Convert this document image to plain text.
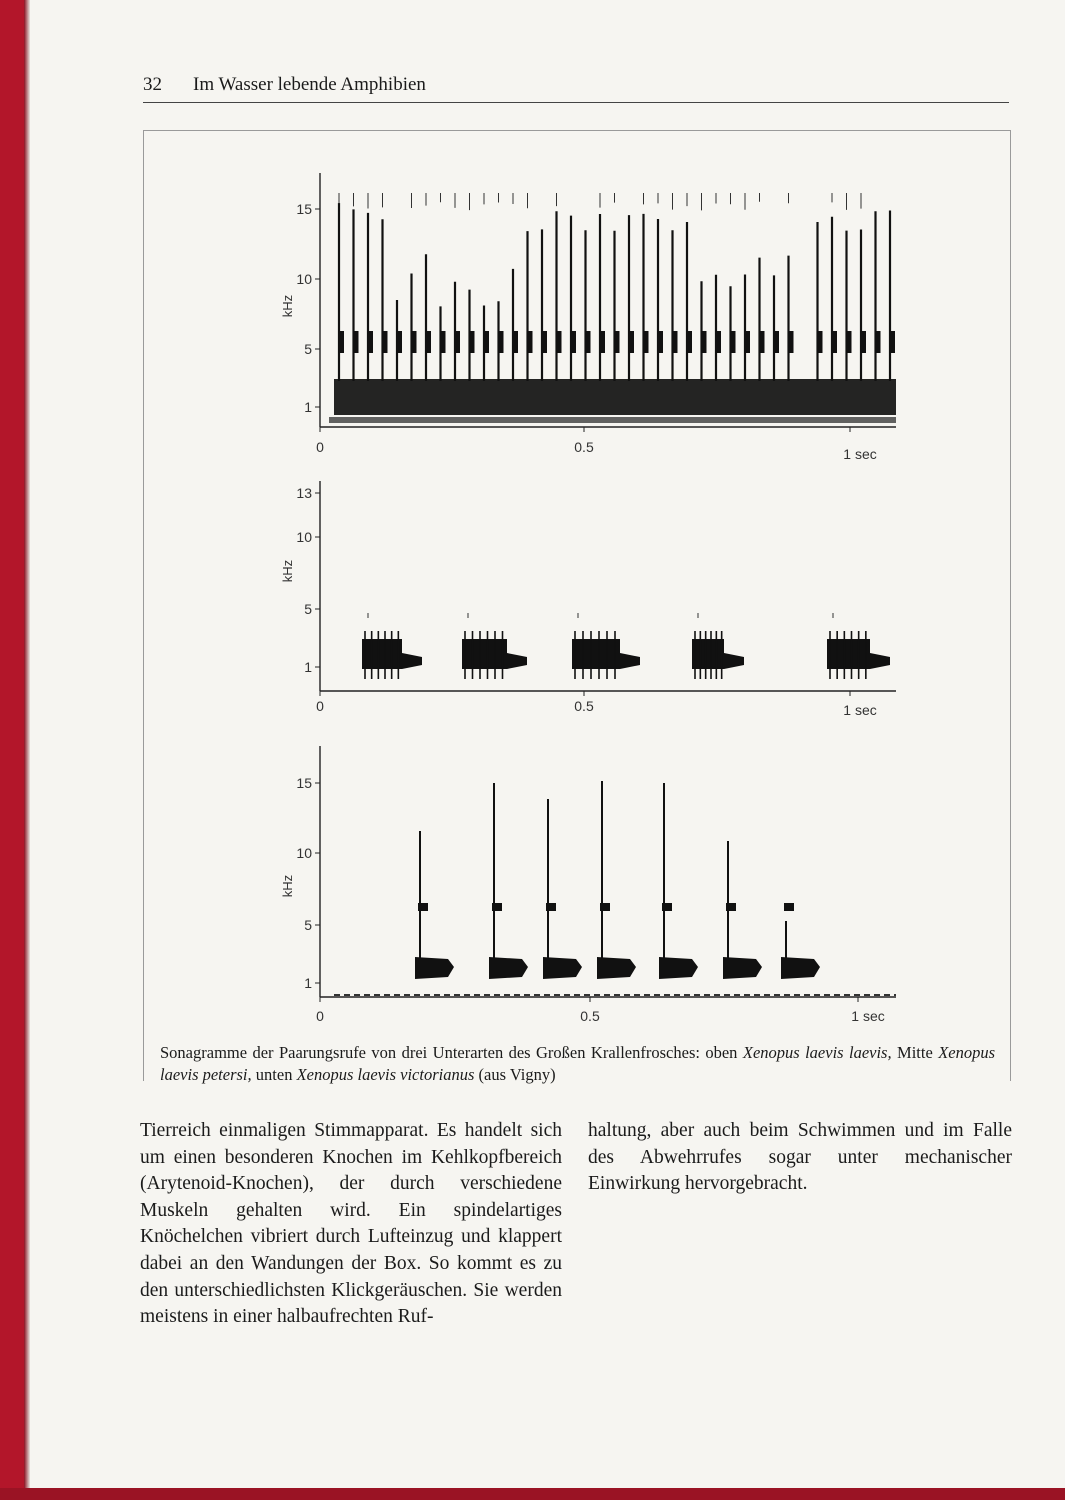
32 Im Wasser lebende Amphibien
15
10
5
1
0	0.5	1 sec
kHz
13
10
5
1
0	0.5	1 sec
kHz
15
10
5
1
0	0.5	1 sec
kHz
Sonagramme der Paarungsrufe von drei Unterarten des Großen Krallenfrosches: oben Xenopus laevis laevis, Mitte Xenopus laevis petersi, unten Xenopus laevis victorianus (aus Vigny)

Tierreich einmaligen Stimmapparat. Es handelt sich um einen besonderen Knochen im Kehlkopfbereich (Arytenoid-Knochen), der durch verschiedene Muskeln gehalten wird. Ein spindelartiges Knöchelchen vibriert durch Lufteinzug und klappert dabei an den Wandungen der Box. So kommt es zu den unterschiedlichsten Klickgeräuschen. Sie werden meistens in einer halbaufrechten Ruf-

haltung, aber auch beim Schwimmen und im Falle des Abwehrrufes sogar unter mechanischer Einwirkung hervorgebracht.
